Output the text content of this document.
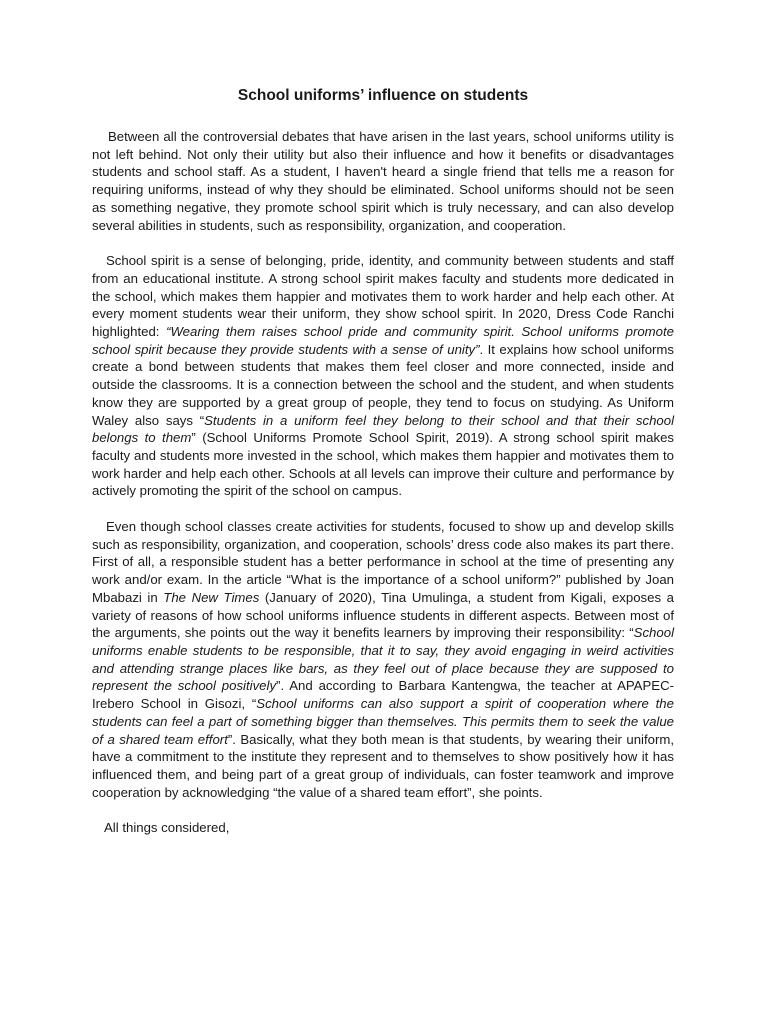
School uniforms’ influence on students

Between all the controversial debates that have arisen in the last years, school uniforms utility is not left behind. Not only their utility but also their influence and how it benefits or disadvantages students and school staff. As a student, I haven't heard a single friend that tells me a reason for requiring uniforms, instead of why they should be eliminated. School uniforms should not be seen as something negative, they promote school spirit which is truly necessary, and can also develop several abilities in students, such as responsibility, organization, and cooperation.

School spirit is a sense of belonging, pride, identity, and community between students and staff from an educational institute. A strong school spirit makes faculty and students more dedicated in the school, which makes them happier and motivates them to work harder and help each other. At every moment students wear their uniform, they show school spirit. In 2020, Dress Code Ranchi highlighted: “Wearing them raises school pride and community spirit. School uniforms promote school spirit because they provide students with a sense of unity”. It explains how school uniforms create a bond between students that makes them feel closer and more connected, inside and outside the classrooms. It is a connection between the school and the student, and when students know they are supported by a great group of people, they tend to focus on studying. As Uniform Waley also says “Students in a uniform feel they belong to their school and that their school belongs to them” (School Uniforms Promote School Spirit, 2019). A strong school spirit makes faculty and students more invested in the school, which makes them happier and motivates them to work harder and help each other. Schools at all levels can improve their culture and performance by actively promoting the spirit of the school on campus.

Even though school classes create activities for students, focused to show up and develop skills such as responsibility, organization, and cooperation, schools’ dress code also makes its part there. First of all, a responsible student has a better performance in school at the time of presenting any work and/or exam. In the article “What is the importance of a school uniform?” published by Joan Mbabazi in The New Times (January of 2020), Tina Umulinga, a student from Kigali, exposes a variety of reasons of how school uniforms influence students in different aspects. Between most of the arguments, she points out the way it benefits learners by improving their responsibility: “School uniforms enable students to be responsible, that it to say, they avoid engaging in weird activities and attending strange places like bars, as they feel out of place because they are supposed to represent the school positively”. And according to Barbara Kantengwa, the teacher at APAPEC-Irebero School in Gisozi, “School uniforms can also support a spirit of cooperation where the students can feel a part of something bigger than themselves. This permits them to seek the value of a shared team effort”. Basically, what they both mean is that students, by wearing their uniform, have a commitment to the institute they represent and to themselves to show positively how it has influenced them, and being part of a great group of individuals, can foster teamwork and improve cooperation by acknowledging “the value of a shared team effort”, she points.

All things considered,
